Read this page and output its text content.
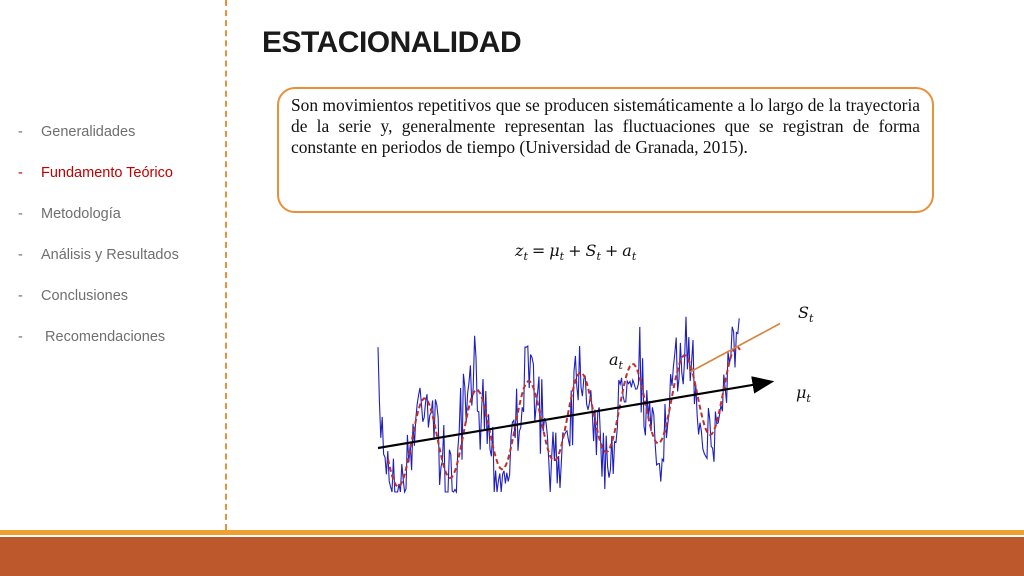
- Generalidades
- Fundamento Teórico
- Metodología
- Análisis y Resultados
- Conclusiones
- Recomendaciones
ESTACIONALIDAD
Son movimientos repetitivos que se producen sistemáticamente a lo largo de la trayectoria de la serie y, generalmente representan las fluctuaciones que se registran de forma constante en periodos de tiempo (Universidad de Granada, 2015).
$z_t = \mu_t + S_t + a_t$
$S_t$
$a_t$
$\mu_t$
